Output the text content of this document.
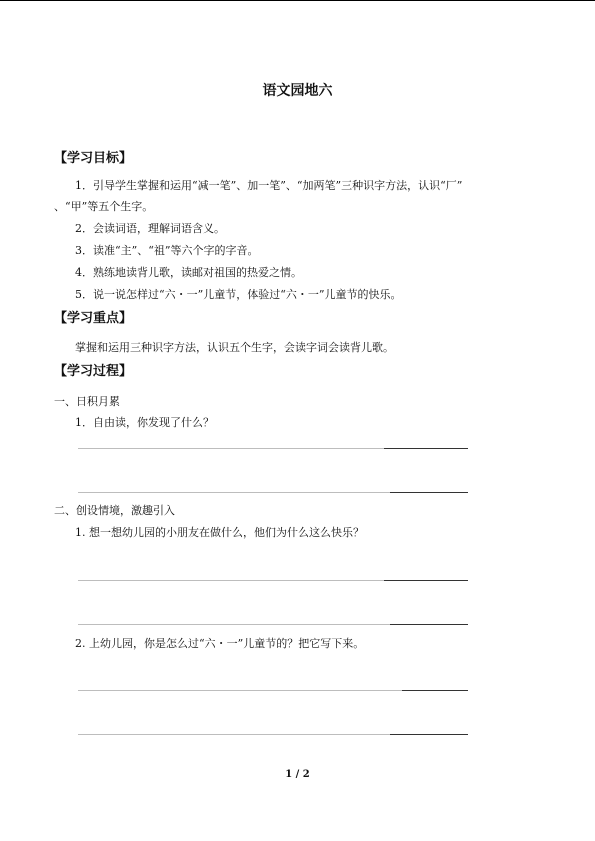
语文园地六
【学习目标】
1．引导学生掌握和运用“减一笔”、加一笔”、“加两笔”三种识字方法，认识“厂”
、“甲”等五个生字。
2．会读词语，理解词语含义。
3．读准“主”、“祖”等六个字的字音。
4．熟练地读背儿歌，读邮对祖国的热爱之情。
5．说一说怎样过“六・一”儿童节，体验过“六・一”儿童节的快乐。
【学习重点】
掌握和运用三种识字方法，认识五个生字，会读字词会读背儿歌。
【学习过程】
一、日积月累
1．自由读，你发现了什么？
二、创设情境，激趣引入
1. 想一想幼儿园的小朋友在做什么，他们为什么这么快乐？
2. 上幼儿园，你是怎么过“六・一”儿童节的？把它写下来。
1 / 2
